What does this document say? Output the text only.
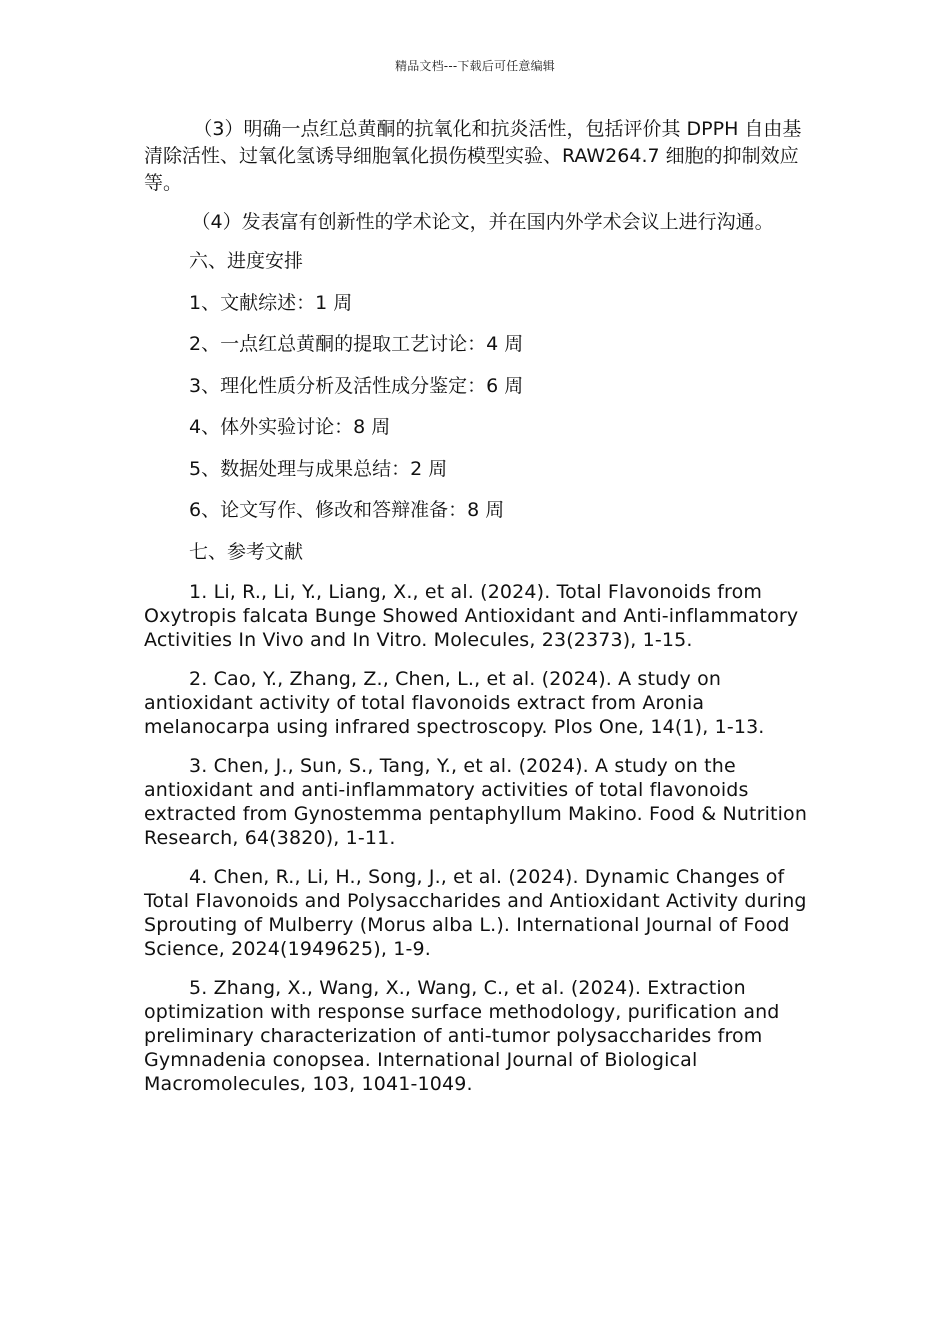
精品文档---下载后可任意编辑

（3）明确一点红总黄酮的抗氧化和抗炎活性，包括评价其 DPPH 自由基清除活性、过氧化氢诱导细胞氧化损伤模型实验、RAW264.7 细胞的抑制效应等。

（4）发表富有创新性的学术论文，并在国内外学术会议上进行沟通。

六、进度安排
1、文献综述：1 周
2、一点红总黄酮的提取工艺讨论：4 周
3、理化性质分析及活性成分鉴定：6 周
4、体外实验讨论：8 周
5、数据处理与成果总结：2 周
6、论文写作、修改和答辩准备：8 周
七、参考文献

1. Li, R., Li, Y., Liang, X., et al. (2024). Total Flavonoids from Oxytropis falcata Bunge Showed Antioxidant and Anti-inflammatory Activities In Vivo and In Vitro. Molecules, 23(2373), 1-15.

2. Cao, Y., Zhang, Z., Chen, L., et al. (2024). A study on antioxidant activity of total flavonoids extract from Aronia melanocarpa using infrared spectroscopy. Plos One, 14(1), 1-13.

3. Chen, J., Sun, S., Tang, Y., et al. (2024). A study on the antioxidant and anti-inflammatory activities of total flavonoids extracted from Gynostemma pentaphyllum Makino. Food & Nutrition Research, 64(3820), 1-11.

4. Chen, R., Li, H., Song, J., et al. (2024). Dynamic Changes of Total Flavonoids and Polysaccharides and Antioxidant Activity during Sprouting of Mulberry (Morus alba L.). International Journal of Food Science, 2024(1949625), 1-9.

5. Zhang, X., Wang, X., Wang, C., et al. (2024). Extraction optimization with response surface methodology, purification and preliminary characterization of anti-tumor polysaccharides from Gymnadenia conopsea. International Journal of Biological Macromolecules, 103, 1041-1049.
